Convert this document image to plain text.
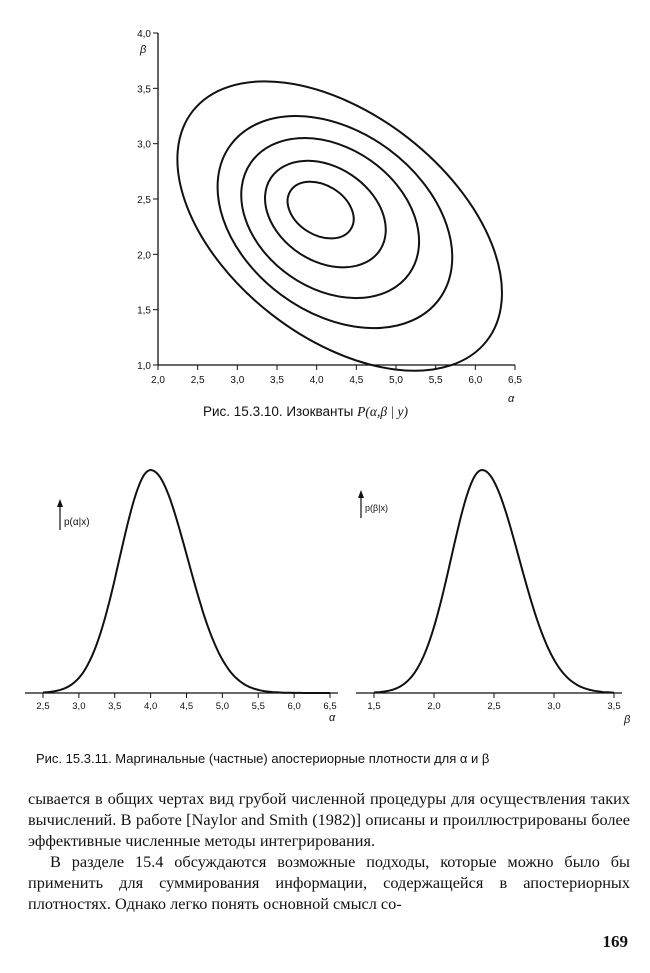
2,0	2,5	3,0	3,5	4,0	4,5	5,0	5,5	6,0	6,5
1,0
1,5
2,0
2,5
3,0
3,5
4,0
β
α
Рис. 15.3.10. Изокванты P(α,β | y)
2,5 3,0 3,5 4,0 4,5 5,0 5,5 6,0 6,5	1,5	2,0	2,5	3,0	3,5
p(α|x)
p(β|x)
α	β
Рис. 15.3.11. Маргинальные (частные) апостериорные плотности для α и β

сывается в общих чертах вид грубой численной процедуры для осуществления таких вычислений. В работе [Naylor and Smith (1982)] описаны и проиллюстрированы более эффективные численные методы интегрирования.

В разделе 15.4 обсуждаются возможные подходы, которые можно было бы применить для суммирования информации, содержащейся в апостериорных плотностях. Однако легко понять основной смысл со-

169
